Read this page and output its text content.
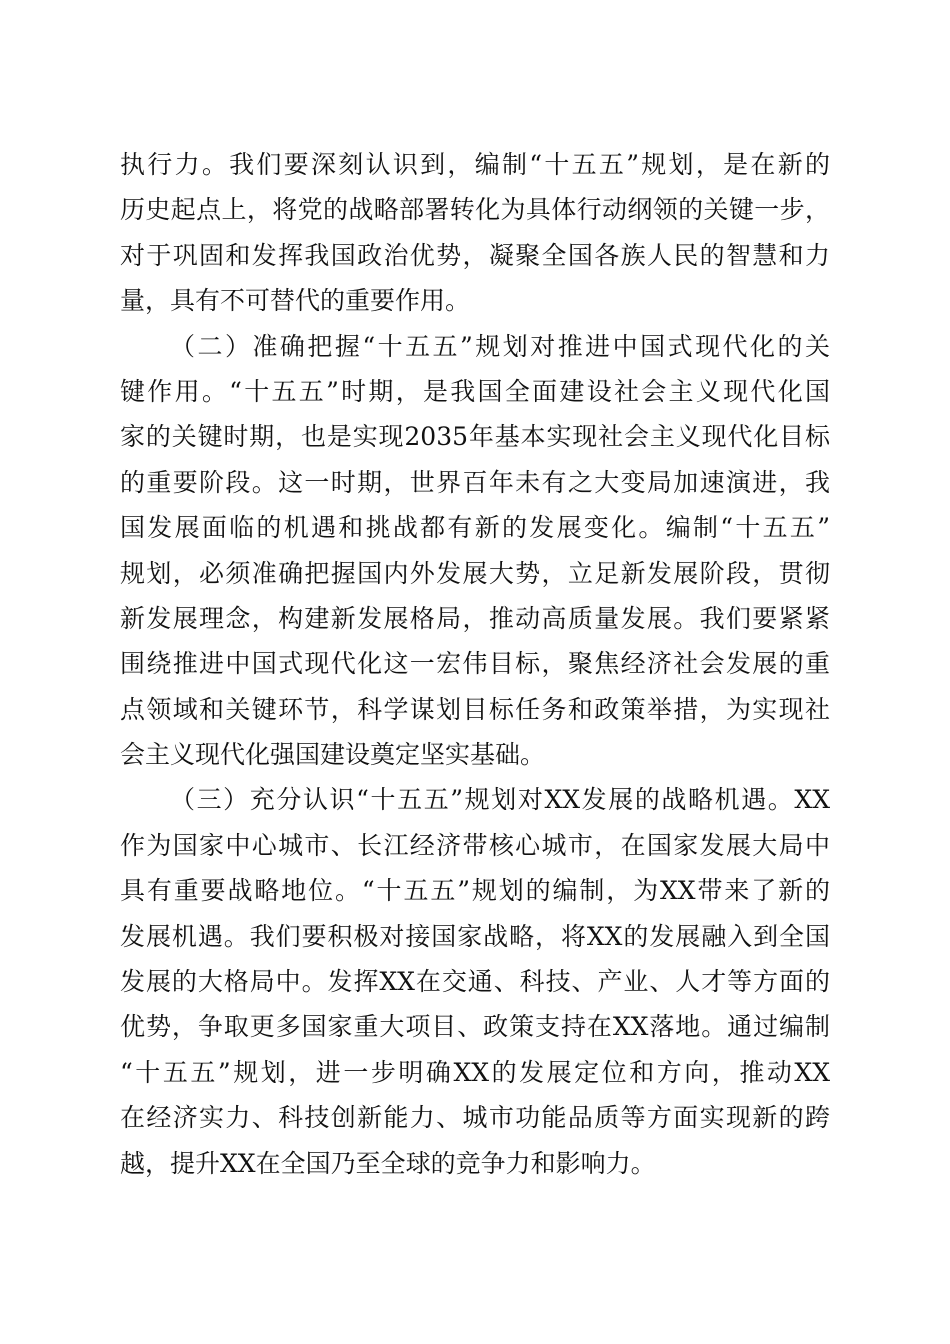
执行力。我们要深刻认识到，编制“十五五”规划，是在新的
历史起点上，将党的战略部署转化为具体行动纲领的关键一步，
对于巩固和发挥我国政治优势，凝聚全国各族人民的智慧和力
量，具有不可替代的重要作用。
（二）准确把握“十五五”规划对推进中国式现代化的关
键作用。“十五五”时期，是我国全面建设社会主义现代化国
家的关键时期，也是实现2035年基本实现社会主义现代化目标
的重要阶段。这一时期，世界百年未有之大变局加速演进，我
国发展面临的机遇和挑战都有新的发展变化。编制“十五五”
规划，必须准确把握国内外发展大势，立足新发展阶段，贯彻
新发展理念，构建新发展格局，推动高质量发展。我们要紧紧
围绕推进中国式现代化这一宏伟目标，聚焦经济社会发展的重
点领域和关键环节，科学谋划目标任务和政策举措，为实现社
会主义现代化强国建设奠定坚实基础。
（三）充分认识“十五五”规划对XX发展的战略机遇。XX
作为国家中心城市、长江经济带核心城市，在国家发展大局中
具有重要战略地位。“十五五”规划的编制，为XX带来了新的
发展机遇。我们要积极对接国家战略，将XX的发展融入到全国
发展的大格局中。发挥XX在交通、科技、产业、人才等方面的
优势，争取更多国家重大项目、政策支持在XX落地。通过编制
“十五五”规划，进一步明确XX的发展定位和方向，推动XX
在经济实力、科技创新能力、城市功能品质等方面实现新的跨
越，提升XX在全国乃至全球的竞争力和影响力。
